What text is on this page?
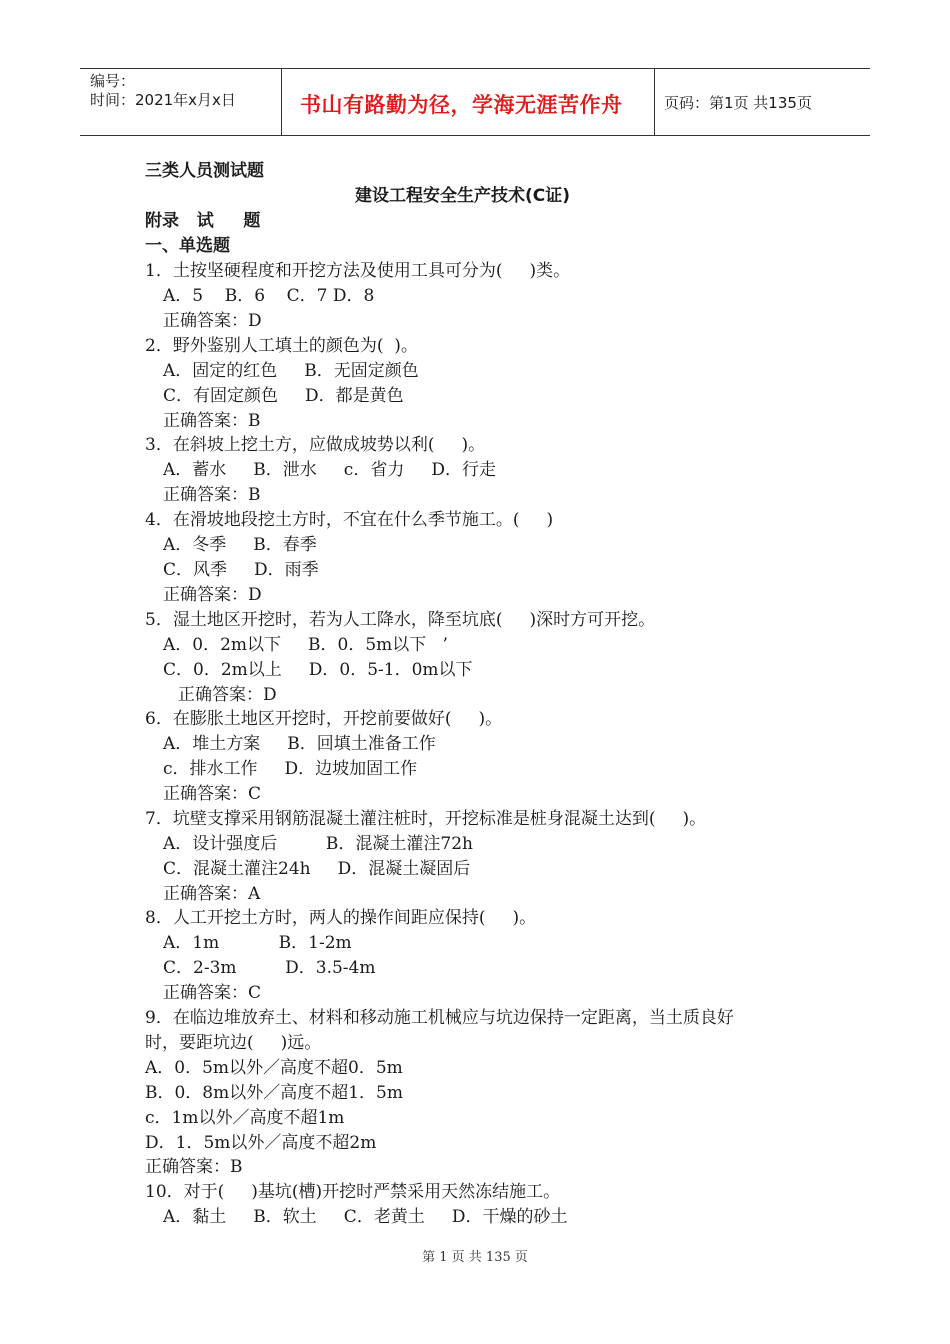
编号：
时间：2021年x月x日	书山有路勤为径，学海无涯苦作舟	页码：第1页 共135页
三类人员测试题
建设工程安全生产技术(C证)
附录   试     题
一、单选题
1．土按坚硬程度和开挖方法及使用工具可分为(     )类。
A．5    B．6    C．7 D．8
正确答案：D
2．野外鉴别人工填土的颜色为(  )。
A．固定的红色     B．无固定颜色
C．有固定颜色     D．都是黄色
正确答案：B
3．在斜坡上挖土方，应做成坡势以利(     )。
A．蓄水     B．泄水     c．省力     D．行走
正确答案：B
4．在滑坡地段挖土方时，不宜在什么季节施工。(     )
A．冬季     B．春季
C．风季     D．雨季
正确答案：D
5．湿土地区开挖时，若为人工降水，降至坑底(     )深时方可开挖。
A．0．2m以下     B．0．5m以下   ’
C．0．2m以上     D．0．5-1．0m以下
正确答案：D
6．在膨胀土地区开挖时，开挖前要做好(     )。
A．堆土方案     B．回填土准备工作
c．排水工作     D．边坡加固工作
正确答案：C
7．坑壁支撑采用钢筋混凝土灌注桩时，开挖标准是桩身混凝土达到(     )。
A．设计强度后         B．混凝土灌注72h
C．混凝土灌注24h     D．混凝土凝固后
正确答案：A
8．人工开挖土方时，两人的操作间距应保持(     )。
A．1m           B．1-2m
C．2-3m         D．3.5-4m
正确答案：C
9．在临边堆放弃土、材料和移动施工机械应与坑边保持一定距离，当土质良好
时，要距坑边(     )远。
A．0．5m以外／高度不超0．5m
B．0．8m以外／高度不超1．5m
c．1m以外／高度不超1m
D．1．5m以外／高度不超2m
正确答案：B
10．对于(     )基坑(槽)开挖时严禁采用天然冻结施工。
A．黏土     B．软土     C．老黄土     D．干燥的砂土
第 1 页 共 135 页
